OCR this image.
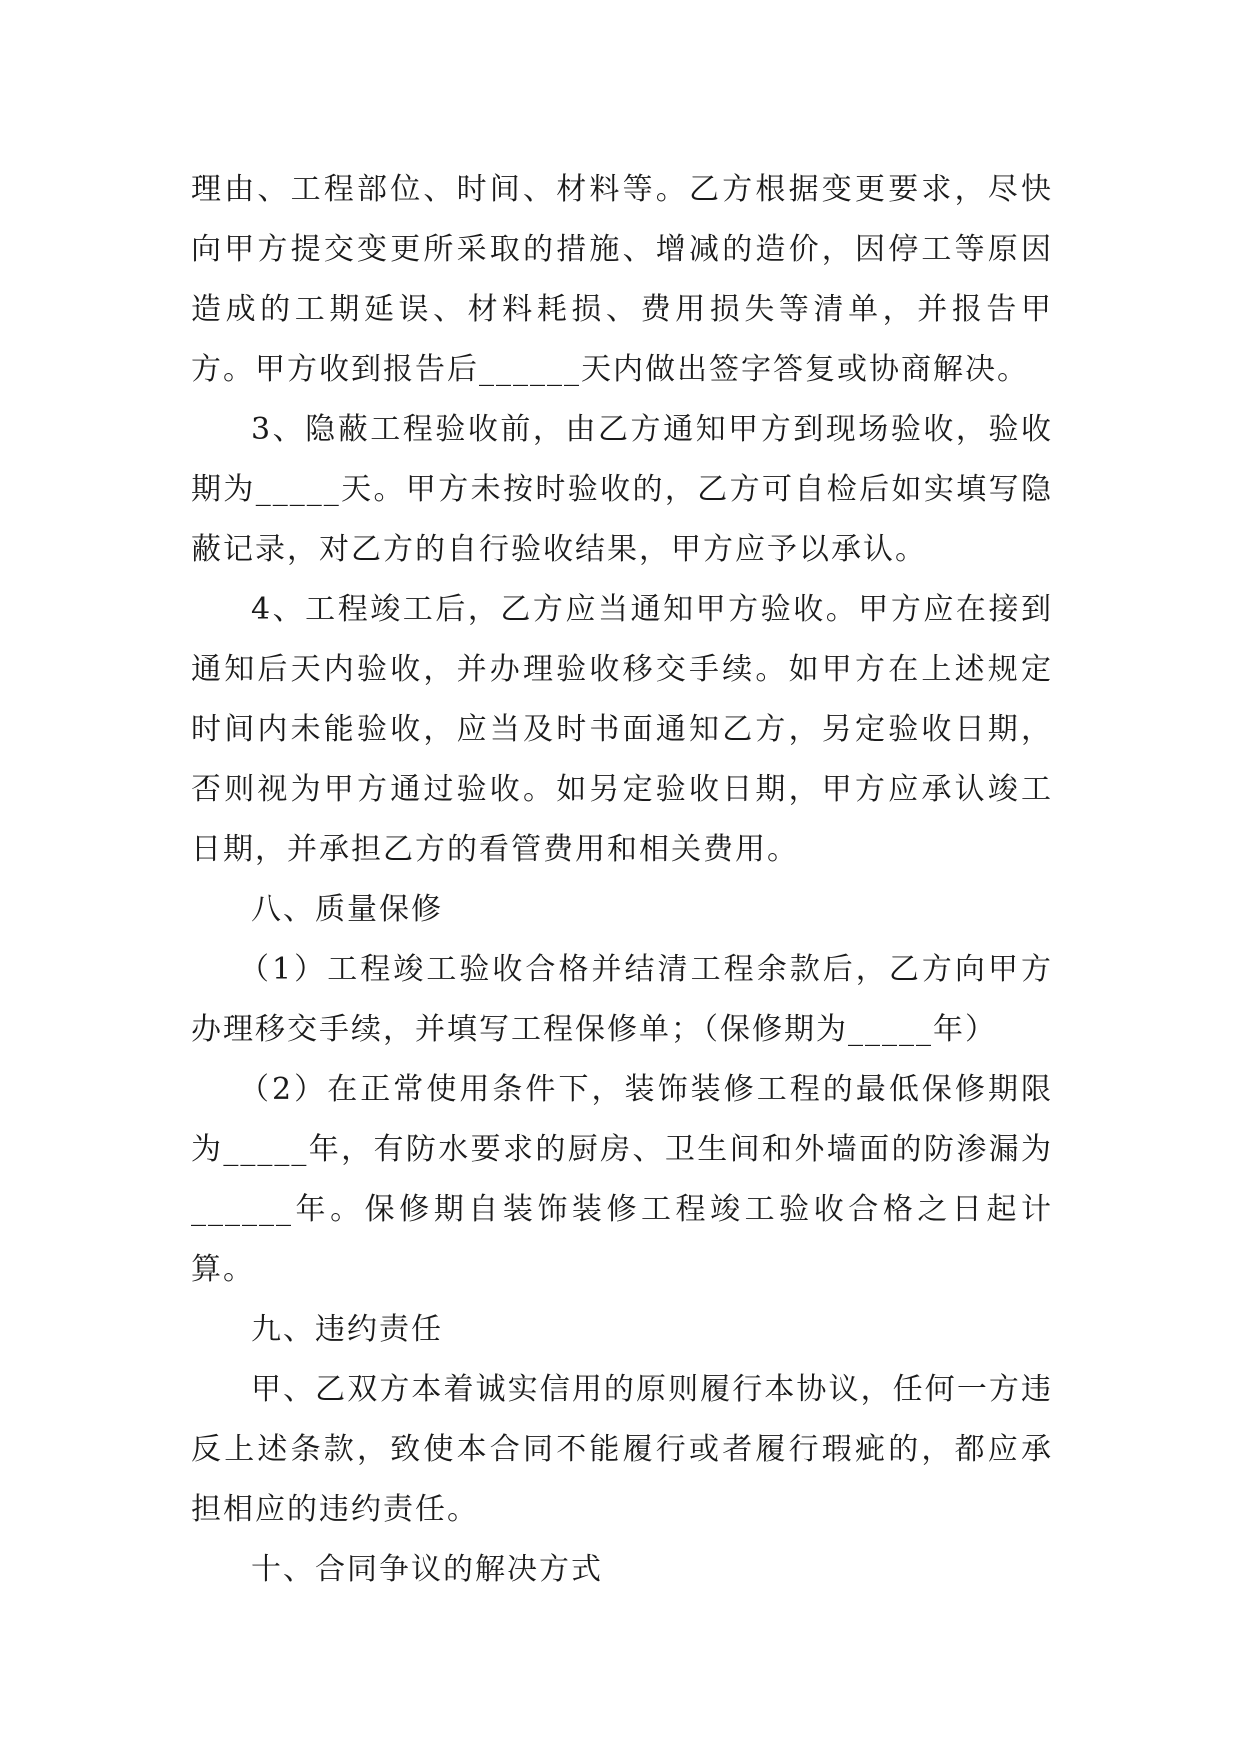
理由、工程部位、时间、材料等。乙方根据变更要求，尽快向甲方提交变更所采取的措施、增减的造价，因停工等原因造成的工期延误、材料耗损、费用损失等清单，并报告甲方。甲方收到报告后______天内做出签字答复或协商解决。

3、隐蔽工程验收前，由乙方通知甲方到现场验收，验收期为_____天。甲方未按时验收的，乙方可自检后如实填写隐蔽记录，对乙方的自行验收结果，甲方应予以承认。

4、工程竣工后，乙方应当通知甲方验收。甲方应在接到通知后天内验收，并办理验收移交手续。如甲方在上述规定时间内未能验收，应当及时书面通知乙方，另定验收日期，否则视为甲方通过验收。如另定验收日期，甲方应承认竣工日期，并承担乙方的看管费用和相关费用。

八、质量保修

（1）工程竣工验收合格并结清工程余款后，乙方向甲方办理移交手续，并填写工程保修单；（保修期为_____年）

（2）在正常使用条件下，装饰装修工程的最低保修期限为_____年，有防水要求的厨房、卫生间和外墙面的防渗漏为______年。保修期自装饰装修工程竣工验收合格之日起计算。

九、违约责任

甲、乙双方本着诚实信用的原则履行本协议，任何一方违反上述条款，致使本合同不能履行或者履行瑕疵的，都应承担相应的违约责任。

十、合同争议的解决方式
